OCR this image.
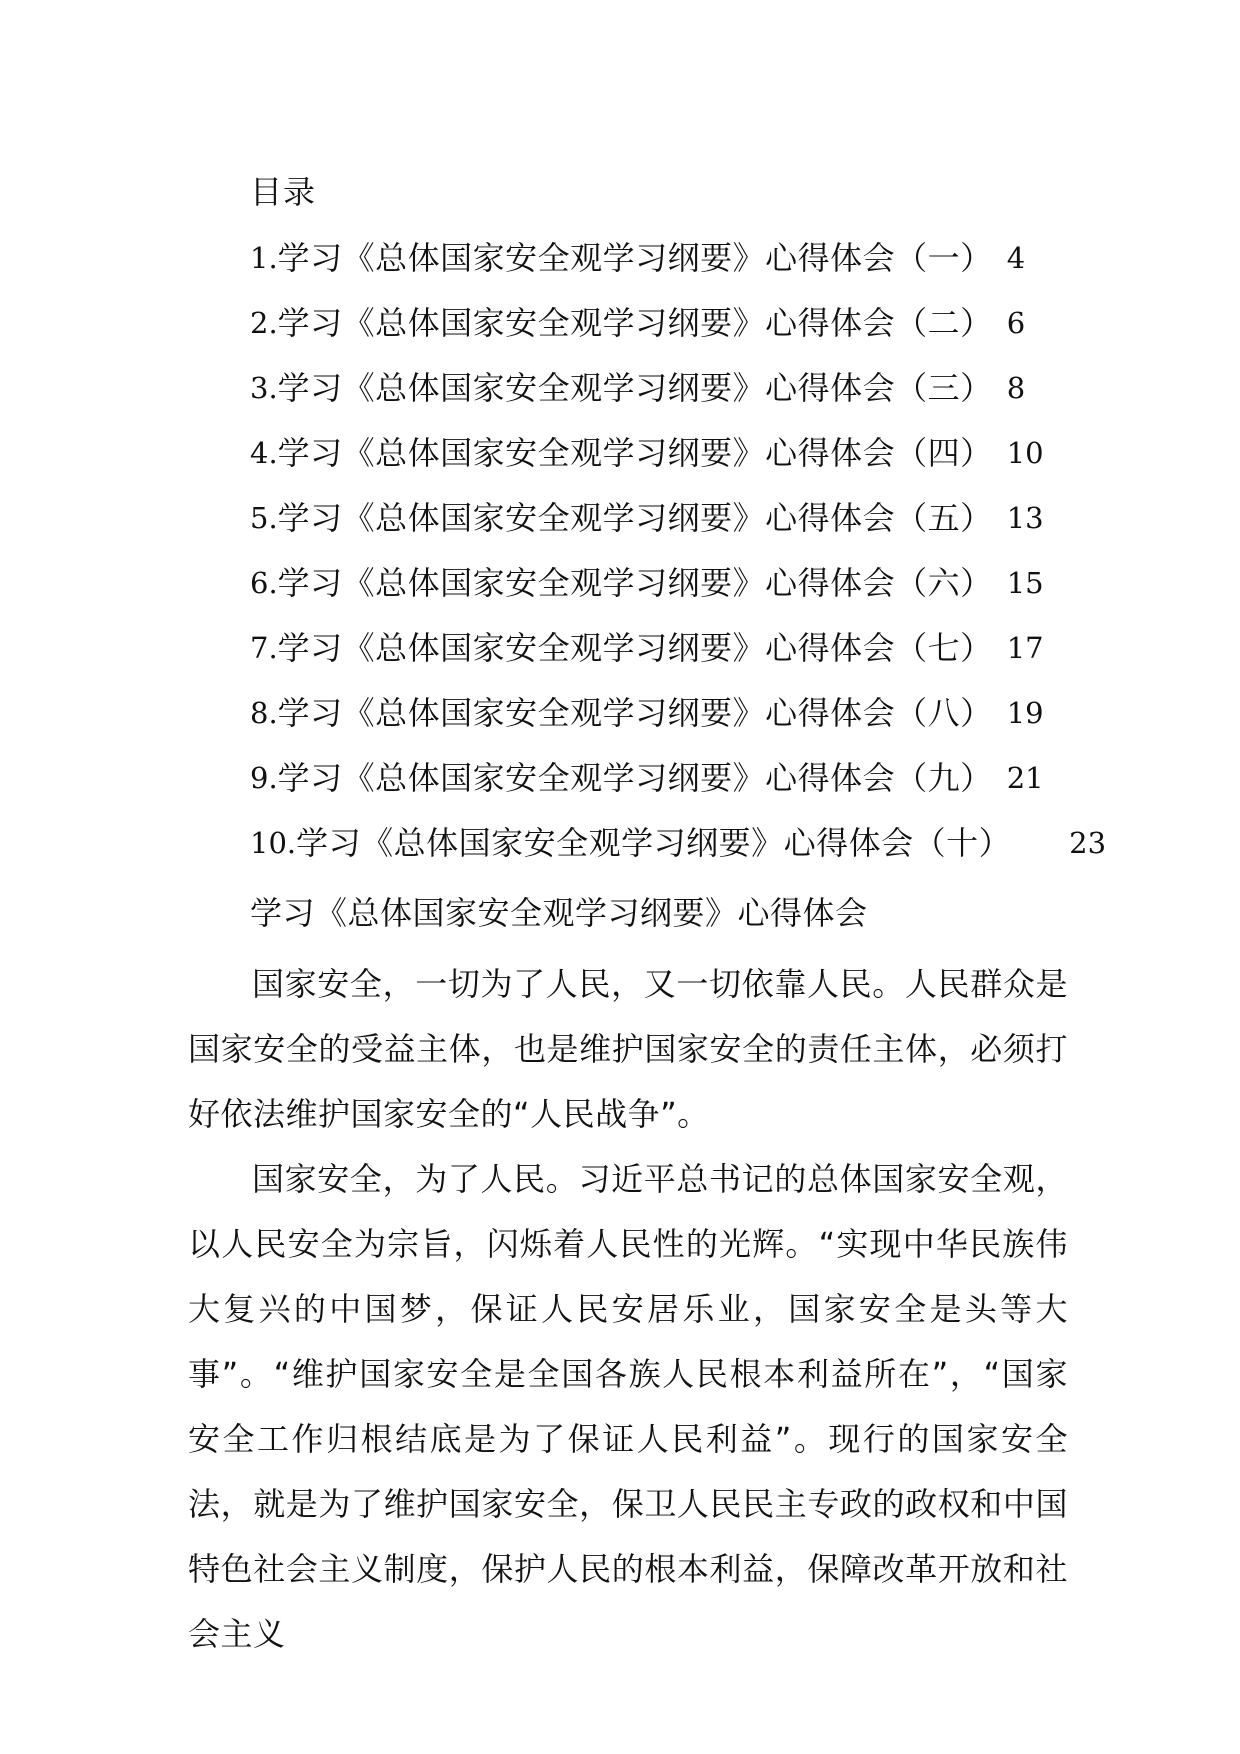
目录
1. 学习《总体国家安全观学习纲要》心得体会（一） 4
2. 学习《总体国家安全观学习纲要》心得体会（二） 6
3. 学习《总体国家安全观学习纲要》心得体会（三） 8
4. 学习《总体国家安全观学习纲要》心得体会（四） 10
5. 学习《总体国家安全观学习纲要》心得体会（五） 13
6. 学习《总体国家安全观学习纲要》心得体会（六） 15
7. 学习《总体国家安全观学习纲要》心得体会（七） 17
8. 学习《总体国家安全观学习纲要》心得体会（八） 19
9. 学习《总体国家安全观学习纲要》心得体会（九） 21
10. 学习《总体国家安全观学习纲要》心得体会（十） 23
学习《总体国家安全观学习纲要》心得体会

国家安全，一切为了人民，又一切依靠人民。人民群众是国家安全的受益主体，也是维护国家安全的责任主体，必须打好依法维护国家安全的“人民战争”。

国家安全，为了人民。习近平总书记的总体国家安全观，以人民安全为宗旨，闪烁着人民性的光辉。“实现中华民族伟大复兴的中国梦，保证人民安居乐业，国家安全是头等大事”。“维护国家安全是全国各族人民根本利益所在”，“国家安全工作归根结底是为了保证人民利益”。现行的国家安全法，就是为了维护国家安全，保卫人民民主专政的政权和中国特色社会主义制度，保护人民的根本利益，保障改革开放和社会主义
